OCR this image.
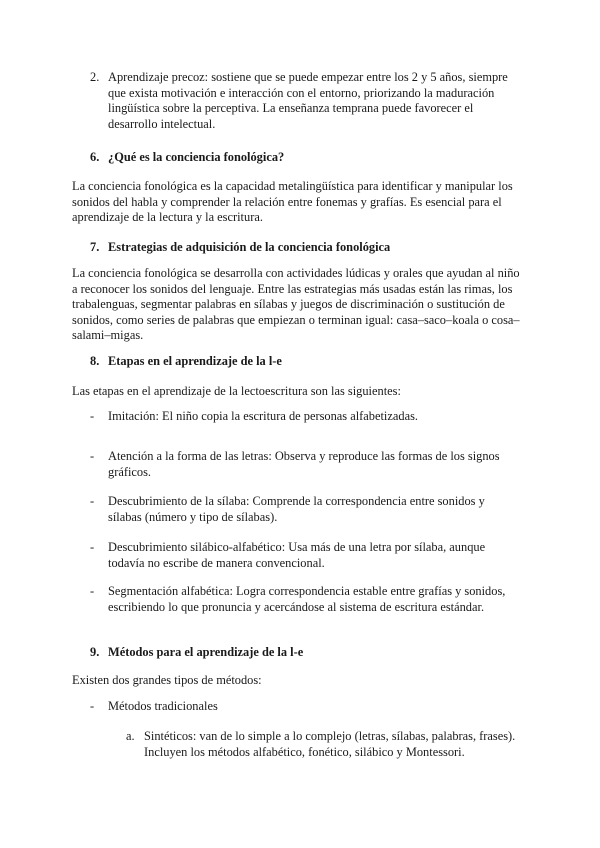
2. Aprendizaje precoz: sostiene que se puede empezar entre los 2 y 5 años, siempre que exista motivación e interacción con el entorno, priorizando la maduración lingüística sobre la perceptiva. La enseñanza temprana puede favorecer el desarrollo intelectual.
6. ¿Qué es la conciencia fonológica?

La conciencia fonológica es la capacidad metalingüística para identificar y manipular los sonidos del habla y comprender la relación entre fonemas y grafías. Es esencial para el aprendizaje de la lectura y la escritura.

7. Estrategias de adquisición de la conciencia fonológica

La conciencia fonológica se desarrolla con actividades lúdicas y orales que ayudan al niño a reconocer los sonidos del lenguaje. Entre las estrategias más usadas están las rimas, los trabalenguas, segmentar palabras en sílabas y juegos de discriminación o sustitución de sonidos, como series de palabras que empiezan o terminan igual: casa–saco–koala o cosa–salami–migas.

8. Etapas en el aprendizaje de la l-e

Las etapas en el aprendizaje de la lectoescritura son las siguientes:

- Imitación: El niño copia la escritura de personas alfabetizadas.
- Atención a la forma de las letras: Observa y reproduce las formas de los signos gráficos.
- Descubrimiento de la sílaba: Comprende la correspondencia entre sonidos y sílabas (número y tipo de sílabas).
- Descubrimiento silábico-alfabético: Usa más de una letra por sílaba, aunque todavía no escribe de manera convencional.
- Segmentación alfabética: Logra correspondencia estable entre grafías y sonidos, escribiendo lo que pronuncia y acercándose al sistema de escritura estándar.
9. Métodos para el aprendizaje de la l-e

Existen dos grandes tipos de métodos:

- Métodos tradicionales
a. Sintéticos: van de lo simple a lo complejo (letras, sílabas, palabras, frases). Incluyen los métodos alfabético, fonético, silábico y Montessori.
